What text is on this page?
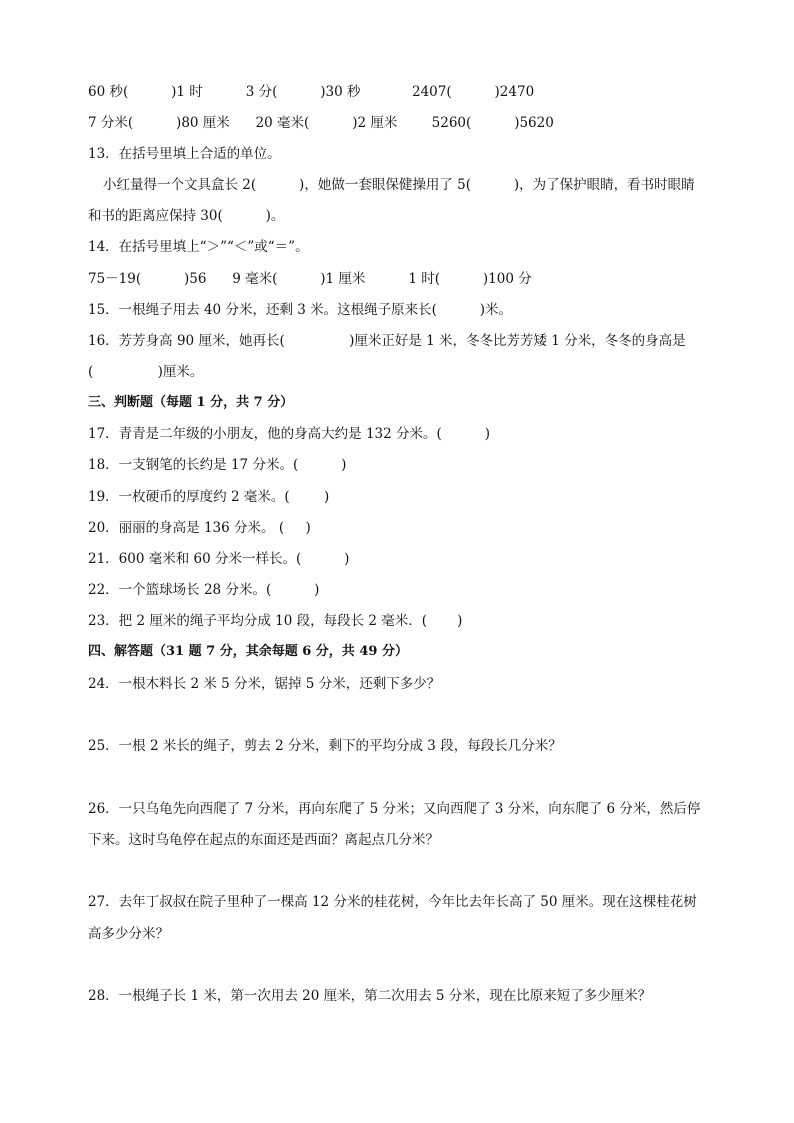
60 秒(          )1 时          3 分(          )30 秒            2407(          )2470
7 分米(          )80 厘米      20 毫米(          )2 厘米        5260(          )5620
13．在括号里填上合适的单位。
小红量得一个文具盒长 2(          )，她做一套眼保健操用了 5(          )，为了保护眼睛，看书时眼睛
和书的距离应保持 30(          )。
14．在括号里填上“＞”“＜”或“＝”。
75－19(          )56      9 毫米(          )1 厘米          1 时(          )100 分
15．一根绳子用去 40 分米，还剩 3 米。这根绳子原来长(          )米。
16．芳芳身高 90 厘米，她再长(               )厘米正好是 1 米，冬冬比芳芳矮 1 分米，冬冬的身高是
(               )厘米。
三、判断题（每题 1 分，共 7 分）
17．青青是二年级的小朋友，他的身高大约是 132 分米。(          )
18．一支钢笔的长约是 17 分米。(          )
19．一枚硬币的厚度约 2 毫米。(        )
20．丽丽的身高是 136 分米。 (     )
21．600 毫米和 60 分米一样长。(          )
22．一个篮球场长 28 分米。(          )
23．把 2 厘米的绳子平均分成 10 段，每段长 2 毫米．(       )
四、解答题（31 题 7 分，其余每题 6 分，共 49 分）
24．一根木料长 2 米 5 分米，锯掉 5 分米，还剩下多少？
25．一根 2 米长的绳子，剪去 2 分米，剩下的平均分成 3 段，每段长几分米？
26．一只乌龟先向西爬了 7 分米，再向东爬了 5 分米；又向西爬了 3 分米，向东爬了 6 分米，然后停
下来。这时乌龟停在起点的东面还是西面？离起点几分米？
27．去年丁叔叔在院子里种了一棵高 12 分米的桂花树，今年比去年长高了 50 厘米。现在这棵桂花树
高多少分米？
28．一根绳子长 1 米，第一次用去 20 厘米，第二次用去 5 分米，现在比原来短了多少厘米？
